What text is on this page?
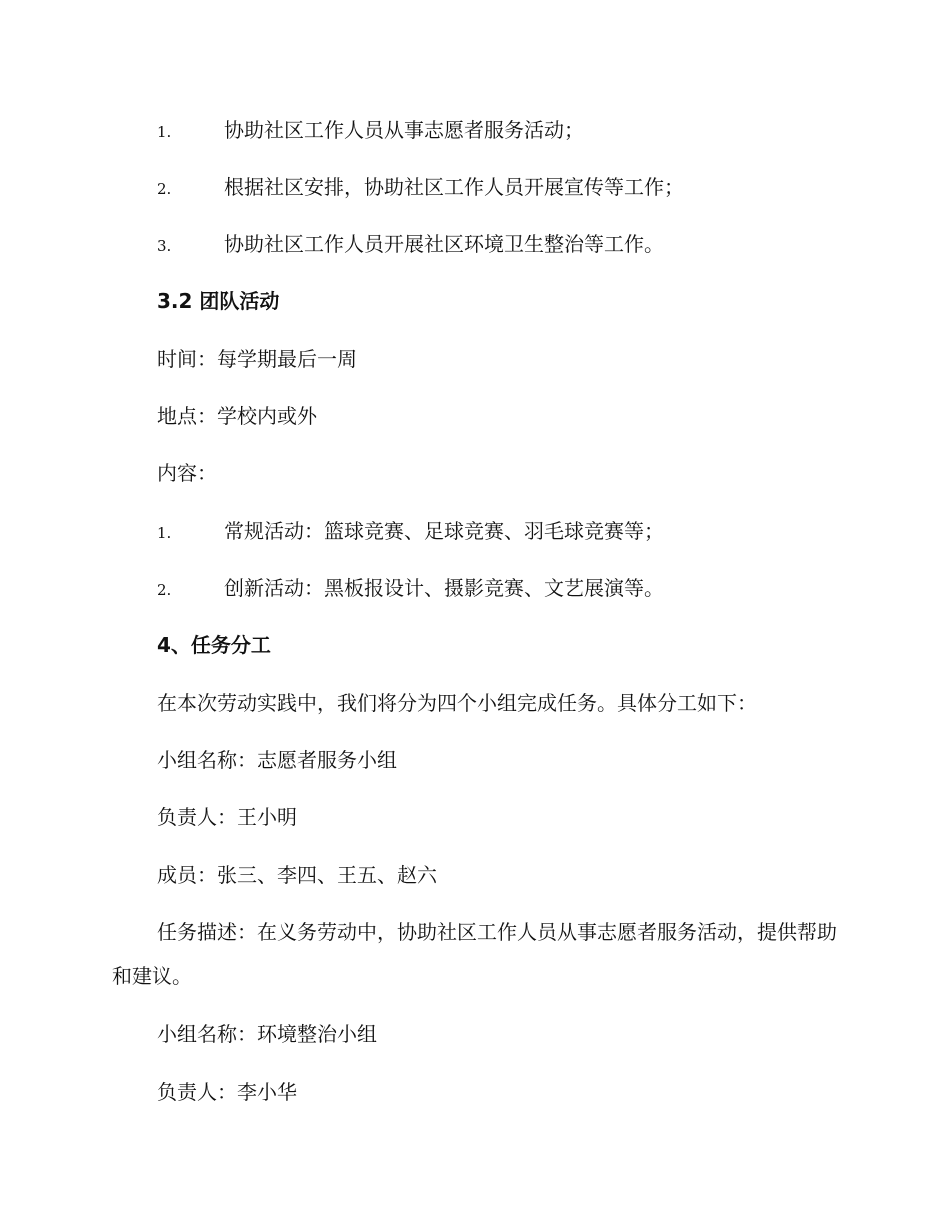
1.	协助社区工作人员从事志愿者服务活动；
2.	根据社区安排，协助社区工作人员开展宣传等工作；
3.	协助社区工作人员开展社区环境卫生整治等工作。
3.2 团队活动
时间：每学期最后一周
地点：学校内或外
内容：
1.	常规活动：篮球竞赛、足球竞赛、羽毛球竞赛等；
2.	创新活动：黑板报设计、摄影竞赛、文艺展演等。
4、任务分工
在本次劳动实践中，我们将分为四个小组完成任务。具体分工如下：
小组名称：志愿者服务小组
负责人：王小明
成员：张三、李四、王五、赵六
任务描述：在义务劳动中，协助社区工作人员从事志愿者服务活动，提供帮助和建议。
小组名称：环境整治小组
负责人：李小华
